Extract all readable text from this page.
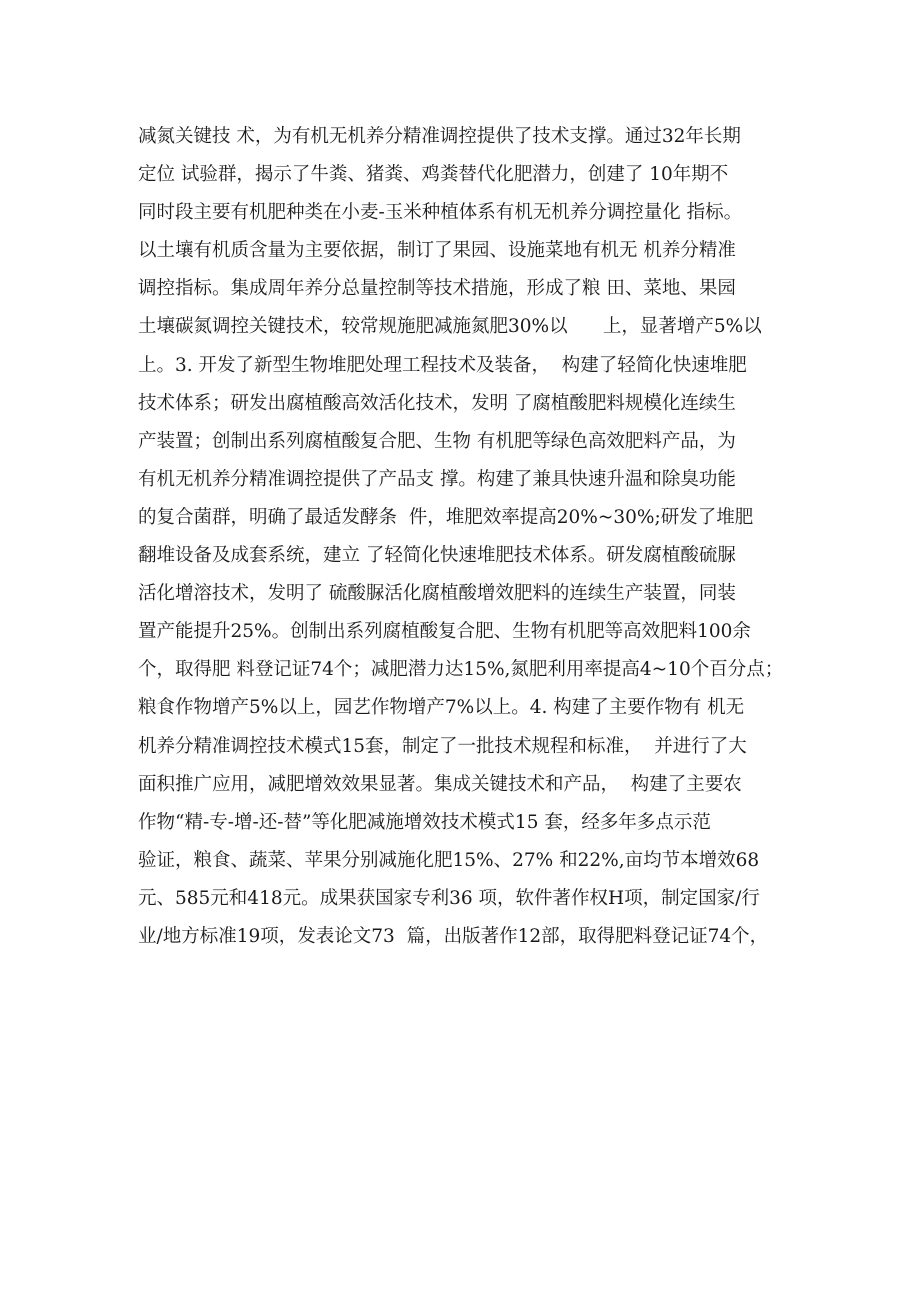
减氮关键技 术，为有机无机养分精准调控提供了技术支撑。通过32年长期
定位 试验群，揭示了牛粪、猪粪、鸡粪替代化肥潜力，创建了 10年期不
同时段主要有机肥种类在小麦-玉米种植体系有机无机养分调控量化 指标。
以土壤有机质含量为主要依据，制订了果园、设施菜地有机无 机养分精准
调控指标。集成周年养分总量控制等技术措施，形成了粮 田、菜地、果园
土壤碳氮调控关键技术，较常规施肥减施氮肥30%以      上，显著增产5%以
上。3. 开发了新型生物堆肥处理工程技术及装备，  构建了轻简化快速堆肥
技术体系；研发出腐植酸高效活化技术，发明 了腐植酸肥料规模化连续生
产装置；创制出系列腐植酸复合肥、生物 有机肥等绿色高效肥料产品，为
有机无机养分精准调控提供了产品支 撑。构建了兼具快速升温和除臭功能
的复合菌群，明确了最适发酵条  件，堆肥效率提高20%~30%;研发了堆肥
翻堆设备及成套系统，建立 了轻简化快速堆肥技术体系。研发腐植酸硫脲
活化增溶技术，发明了 硫酸脲活化腐植酸增效肥料的连续生产装置，同装
置产能提升25%。创制出系列腐植酸复合肥、生物有机肥等高效肥料100余
个，取得肥 料登记证74个；减肥潜力达15%,氮肥利用率提高4~10个百分点；
粮食作物增产5%以上，园艺作物增产7%以上。4. 构建了主要作物有 机无
机养分精准调控技术模式15套，制定了一批技术规程和标准，  并进行了大
面积推广应用，减肥增效效果显著。集成关键技术和产品，  构建了主要农
作物“精-专-增-还-替”等化肥减施增效技术模式15 套，经多年多点示范
验证，粮食、蔬菜、苹果分别减施化肥15%、27% 和22%,亩均节本增效68
元、585元和418元。成果获国家专利36 项，软件著作权H项，制定国家/行
业/地方标准19项，发表论文73  篇，出版著作12部，取得肥料登记证74个，
